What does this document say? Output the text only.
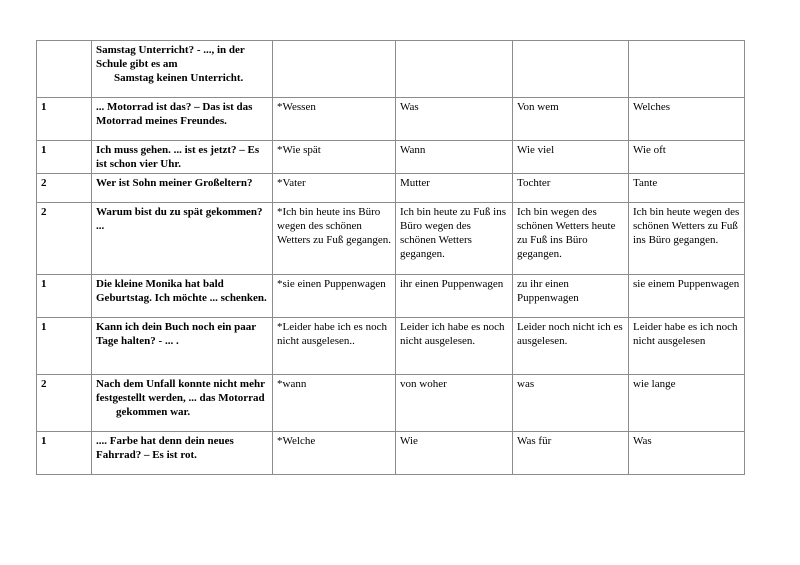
	Samstag Unterricht? - ..., in der Schule gibt es am
Samstag keinen Unterricht.				

1	... Motorrad ist das? – Das ist das Motorrad meines Freundes.	*Wessen	Was	Von wem	Welches
1	Ich muss gehen. ... ist es jetzt? – Es ist schon vier Uhr.	*Wie spät	Wann	Wie viel	Wie oft
2	Wer ist Sohn meiner Großeltern?	*Vater	Mutter	Tochter	Tante
2	Warum bist du zu spät gekommen? ...	*Ich bin heute ins Büro wegen des schönen Wetters zu Fuß gegangen.	Ich bin heute zu Fuß ins Büro wegen des schönen Wetters gegangen.	Ich bin wegen des schönen Wetters heute zu Fuß ins Büro gegangen.	Ich bin heute wegen des schönen Wetters zu Fuß ins Büro gegangen.
1	Die kleine Monika hat bald Geburtstag. Ich möchte ... schenken.	*sie einen Puppenwagen	ihr einen Puppenwagen	zu ihr einen Puppenwagen	sie einem Puppenwagen
1	Kann ich dein Buch noch ein paar Tage halten? - ... .	*Leider habe ich es noch nicht ausgelesen..	Leider ich habe es noch nicht ausgelesen.	Leider noch nicht ich es ausgelesen.	Leider habe es ich noch nicht ausgelesen
2	Nach dem Unfall konnte nicht mehr festgestellt werden, ... das Motorrad
gekommen war.	*wann	von woher	was	wie lange
1	.... Farbe hat denn dein neues Fahrrad? – Es ist rot.	*Welche	Wie	Was für	Was
